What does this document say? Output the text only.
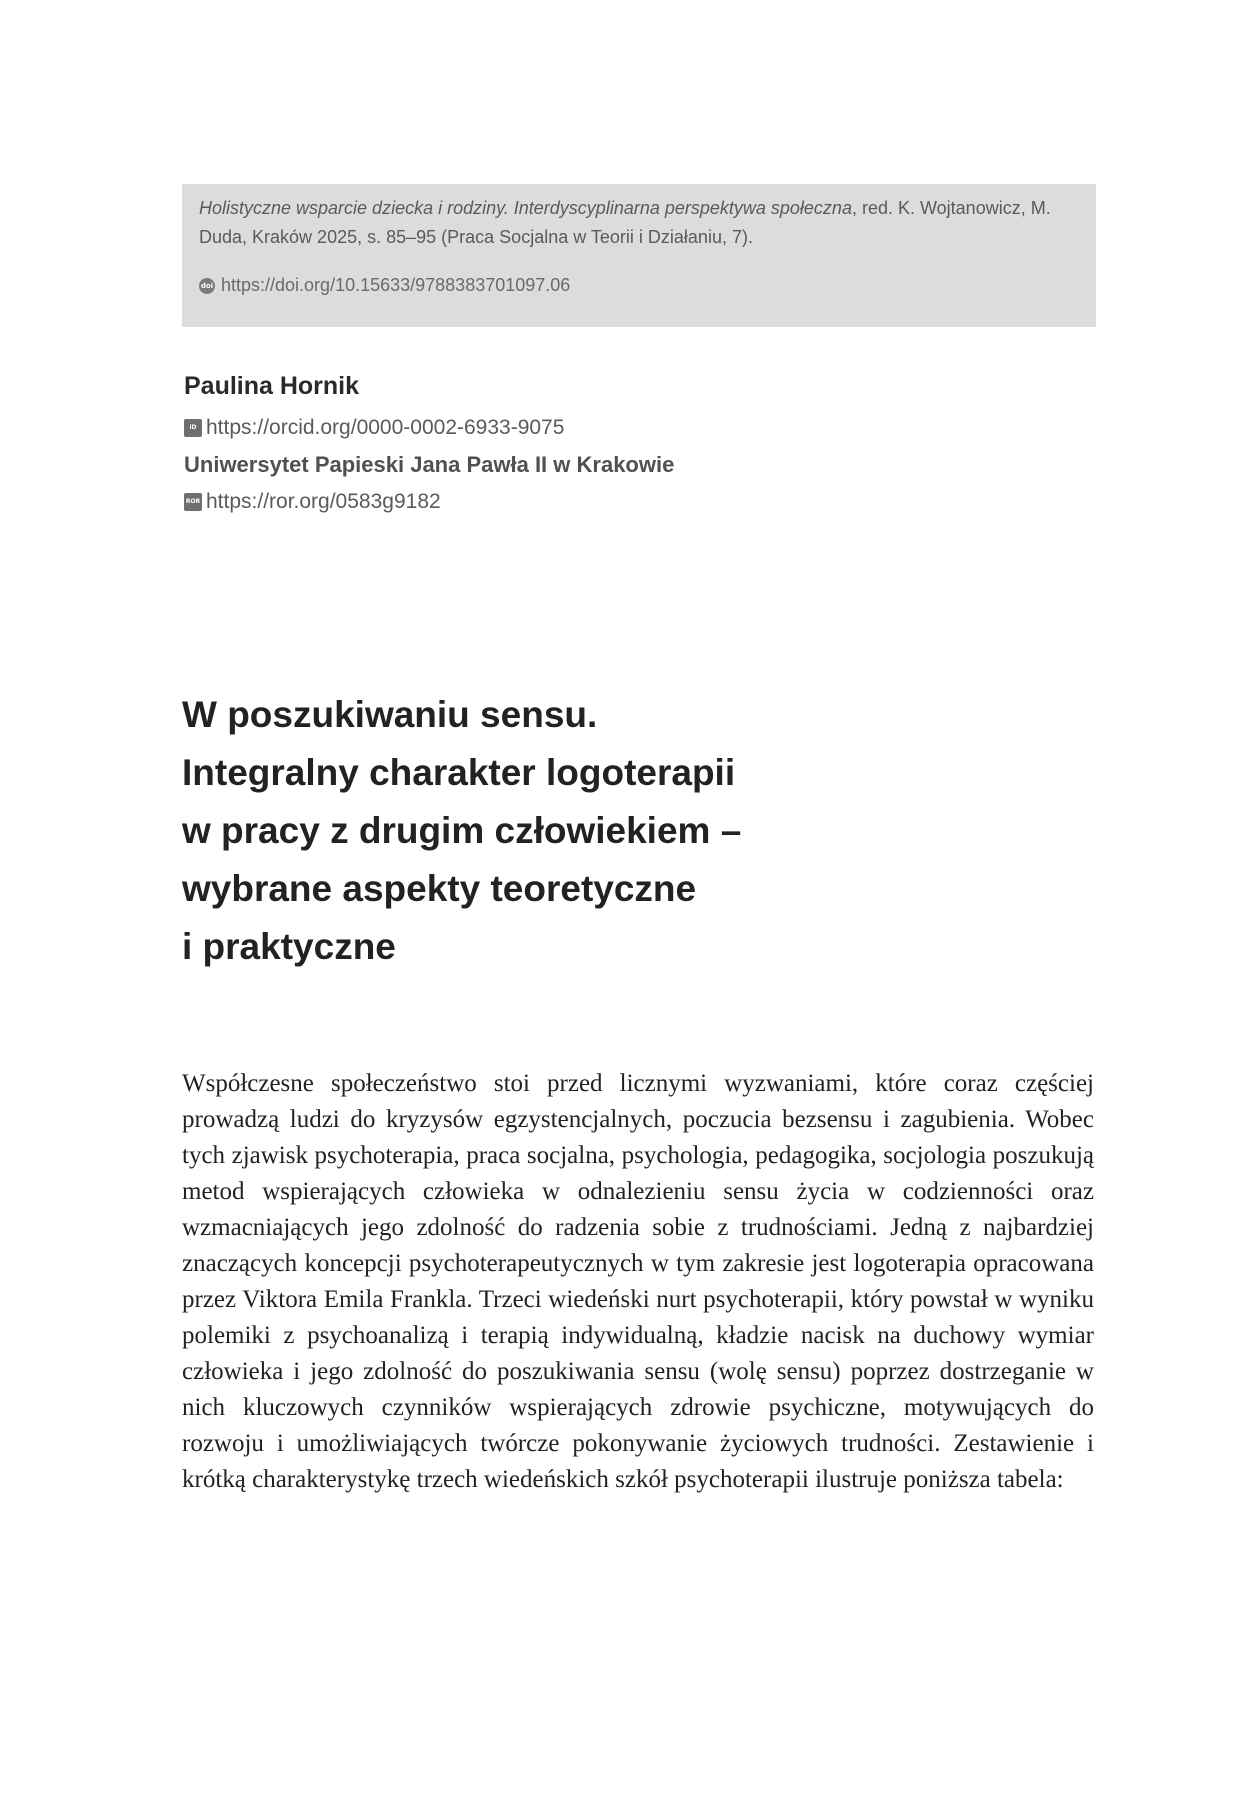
Holistyczne wsparcie dziecka i rodziny. Interdyscyplinarna perspektywa społeczna, red. K. Wojtanowicz, M. Duda, Kraków 2025, s. 85–95 (Praca Socjalna w Teorii i Działaniu, 7).

doi https://doi.org/10.15633/9788383701097.06
Paulina Hornik
iD https://orcid.org/0000-0002-6933-9075
Uniwersytet Papieski Jana Pawła II w Krakowie
ROR https://ror.org/0583g9182
W poszukiwaniu sensu.
Integralny charakter logoterapii
w pracy z drugim człowiekiem –
wybrane aspekty teoretyczne
i praktyczne

Współczesne społeczeństwo stoi przed licznymi wyzwaniami, które coraz częściej prowadzą ludzi do kryzysów egzystencjalnych, poczucia bezsensu i zagubienia. Wobec tych zjawisk psychoterapia, praca socjalna, psychologia, pedagogika, socjologia poszukują metod wspierających człowieka w odnalezieniu sensu życia w codzienności oraz wzmacniających jego zdolność do radzenia sobie z trudnościami. Jedną z najbardziej znaczących koncepcji psychoterapeutycznych w tym zakresie jest logoterapia opracowana przez Viktora Emila Frankla. Trzeci wiedeński nurt psychoterapii, który powstał w wyniku polemiki z psychoanalizą i terapią indywidualną, kładzie nacisk na duchowy wymiar człowieka i jego zdolność do poszukiwania sensu (wolę sensu) poprzez dostrzeganie w nich kluczowych czynników wspierających zdrowie psychiczne, motywujących do rozwoju i umożliwiających twórcze pokonywanie życiowych trudności. Zestawienie i krótką charakterystykę trzech wiedeńskich szkół psychoterapii ilustruje poniższa tabela:
